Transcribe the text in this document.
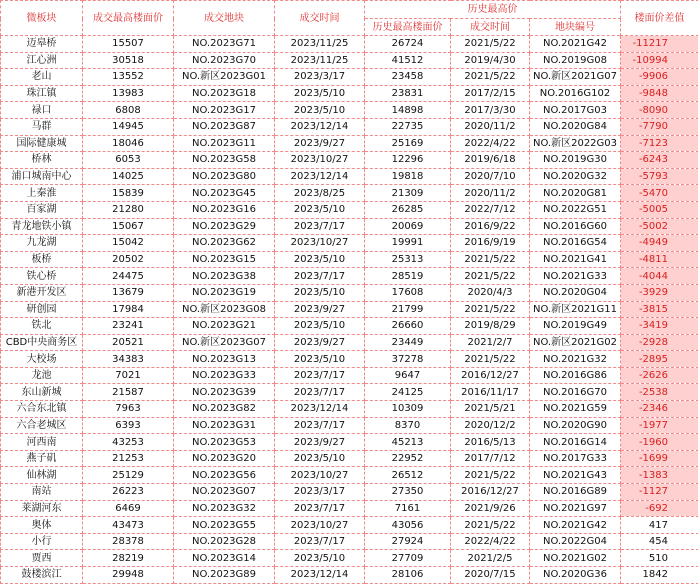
微板块	成交最高楼面价	成交地块	成交时间	历史最高价			楼面价差值
				历史最高楼面价	成交时间	地块编号	
迈皋桥	15507	NO.2023G71	2023/11/25	26724	2021/5/22	NO.2021G42	-11217
江心洲	30518	NO.2023G70	2023/11/25	41512	2019/4/30	NO.2019G08	-10994
老山	13552	NO.新区2023G01	2023/3/17	23458	2021/5/22	NO.新区2021G07	-9906
珠江镇	13983	NO.2023G18	2023/5/10	23831	2017/2/15	NO.2016G102	-9848
禄口	6808	NO.2023G17	2023/5/10	14898	2017/3/30	NO.2017G03	-8090
马群	14945	NO.2023G87	2023/12/14	22735	2020/11/2	NO.2020G84	-7790
国际健康城	18046	NO.2023G11	2023/9/27	25169	2022/4/22	NO.新区2022G03	-7123
桥林	6053	NO.2023G58	2023/10/27	12296	2019/6/18	NO.2019G30	-6243
浦口城南中心	14025	NO.2023G80	2023/12/14	19818	2020/7/10	NO.2020G32	-5793
上秦淮	15839	NO.2023G45	2023/8/25	21309	2020/11/2	NO.2020G81	-5470
百家湖	21280	NO.2023G16	2023/5/10	26285	2022/7/12	NO.2022G51	-5005
青龙地铁小镇	15067	NO.2023G29	2023/7/17	20069	2016/9/22	NO.2016G60	-5002
九龙湖	15042	NO.2023G62	2023/10/27	19991	2016/9/19	NO.2016G54	-4949
板桥	20502	NO.2023G15	2023/5/10	25313	2021/5/22	NO.2021G41	-4811
铁心桥	24475	NO.2023G38	2023/7/17	28519	2021/5/22	NO.2021G33	-4044
新港开发区	13679	NO.2023G19	2023/5/10	17608	2020/4/3	NO.2020G04	-3929
研创园	17984	NO.新区2023G08	2023/9/27	21799	2021/5/22	NO.新区2021G11	-3815
铁北	23241	NO.2023G21	2023/5/10	26660	2019/8/29	NO.2019G49	-3419
CBD中央商务区	20521	NO.新区2023G07	2023/9/27	23449	2021/2/7	NO.新区2021G02	-2928
大校场	34383	NO.2023G13	2023/5/10	37278	2021/5/22	NO.2021G32	-2895
龙池	7021	NO.2023G33	2023/7/17	9647	2016/12/27	NO.2016G86	-2626
东山新城	21587	NO.2023G39	2023/7/17	24125	2016/11/17	NO.2016G70	-2538
六合东北镇	7963	NO.2023G82	2023/12/14	10309	2021/5/21	NO.2021G59	-2346
六合老城区	6393	NO.2023G31	2023/7/17	8370	2020/12/2	NO.2020G90	-1977
河西南	43253	NO.2023G53	2023/9/27	45213	2016/5/13	NO.2016G14	-1960
燕子矶	21253	NO.2023G20	2023/5/10	22952	2017/7/12	NO.2017G33	-1699
仙林湖	25129	NO.2023G56	2023/10/27	26512	2021/5/22	NO.2021G43	-1383
南站	26223	NO.2023G07	2023/3/17	27350	2016/12/27	NO.2016G89	-1127
莱湖河东	6469	NO.2023G32	2023/7/17	7161	2021/9/26	NO.2021G97	-692
奥体	43473	NO.2023G55	2023/10/27	43056	2021/5/22	NO.2021G42	417
小行	28378	NO.2023G28	2023/7/17	27924	2022/4/22	NO.2022G04	454
贾西	28219	NO.2023G14	2023/5/10	27709	2021/2/5	NO.2021G02	510
鼓楼滨江	29948	NO.2023G89	2023/12/14	28106	2020/7/15	NO.2020G36	1842
